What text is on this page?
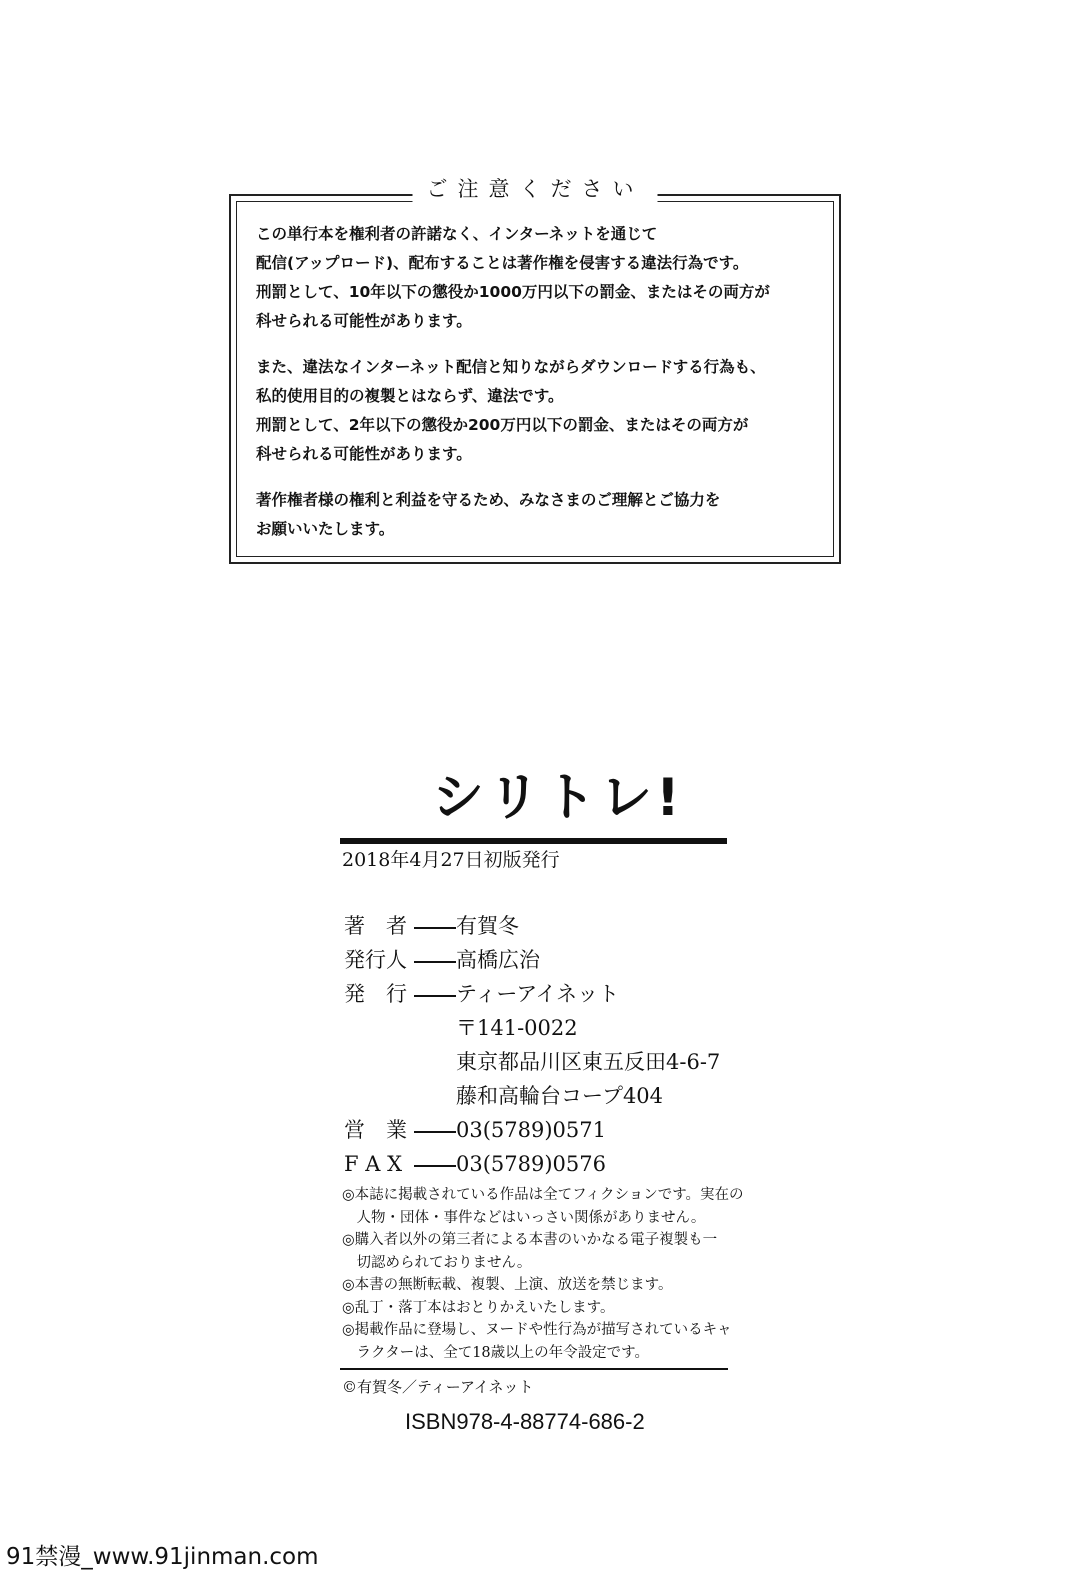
ご注意ください
この単行本を権利者の許諾なく、インターネットを通じて
配信(アップロード)、配布することは著作権を侵害する違法行為です。
刑罰として、10年以下の懲役か1000万円以下の罰金、またはその両方が
科せられる可能性があります。
また、違法なインターネット配信と知りながらダウンロードする行為も、
私的使用目的の複製とはならず、違法です。
刑罰として、2年以下の懲役か200万円以下の罰金、またはその両方が
科せられる可能性があります。
著作権者様の権利と利益を守るため、みなさまのご理解とご協力を
お願いいたします。
シリトレ!
2018年4月27日初版発行
著　者 有賀冬
発行人 高橋広治
発　行 ティーアイネット
〒141-0022
東京都品川区東五反田4-6-7
藤和高輪台コープ404
営　業 03(5789)0571
F A X	03(5789)0576
◎本誌に掲載されている作品は全てフィクションです。実在の
　人物・団体・事件などはいっさい関係がありません。
◎購入者以外の第三者による本書のいかなる電子複製も一
　切認められておりません。
◎本書の無断転載、複製、上演、放送を禁じます。
◎乱丁・落丁本はおとりかえいたします。
◎掲載作品に登場し、ヌードや性行為が描写されているキャ
　ラクターは、全て18歳以上の年令設定です。
©有賀冬／ティーアイネット
ISBN978-4-88774-686-2
91禁漫_www.91jinman.com
